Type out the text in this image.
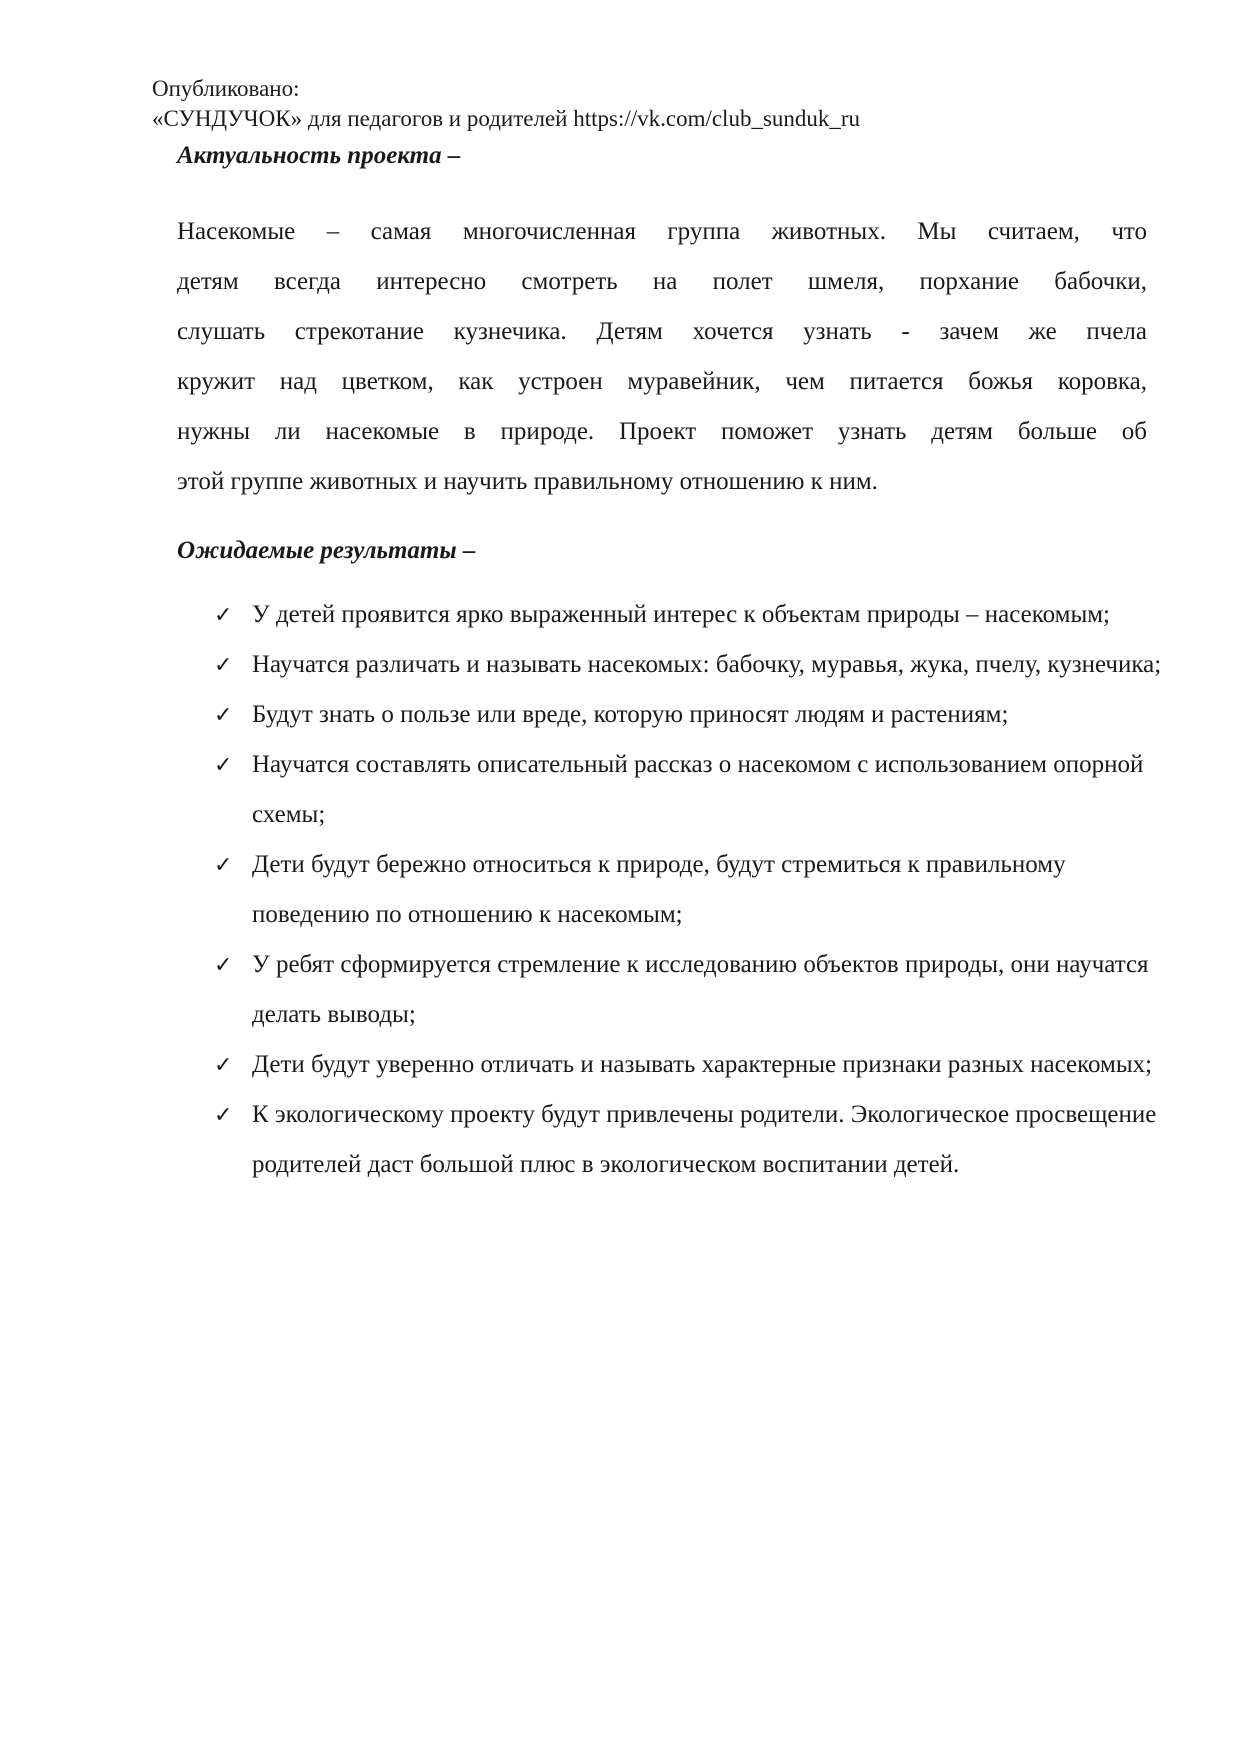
Опубликовано:
«СУНДУЧОК» для педагогов и родителей https://vk.com/club_sunduk_ru
Актуальность проекта –
Насекомые – самая многочисленная группа животных. Мы считаем, что
детям всегда интересно смотреть на полет шмеля, порхание бабочки,
слушать стрекотание кузнечика. Детям хочется узнать - зачем же пчела
кружит над цветком, как устроен муравейник, чем питается божья коровка,
нужны ли насекомые в природе. Проект поможет узнать детям больше об
этой группе животных и научить правильному отношению к ним.
Ожидаемые результаты –
✓ У детей проявится ярко выраженный интерес к объектам природы – насекомым;
✓ Научатся различать и называть насекомых: бабочку, муравья, жука, пчелу, кузнечика;
✓ Будут знать о пользе или вреде, которую приносят людям и растениям;
✓ Научатся составлять описательный рассказ о насекомом с использованием опорной схемы;
✓ Дети будут бережно относиться к природе, будут стремиться к правильному поведению по отношению к насекомым;
✓ У ребят сформируется стремление к исследованию объектов природы, они научатся делать выводы;
✓ Дети будут уверенно отличать и называть характерные признаки разных насекомых;
✓ К экологическому проекту будут привлечены родители. Экологическое просвещение родителей даст большой плюс в экологическом воспитании детей.
